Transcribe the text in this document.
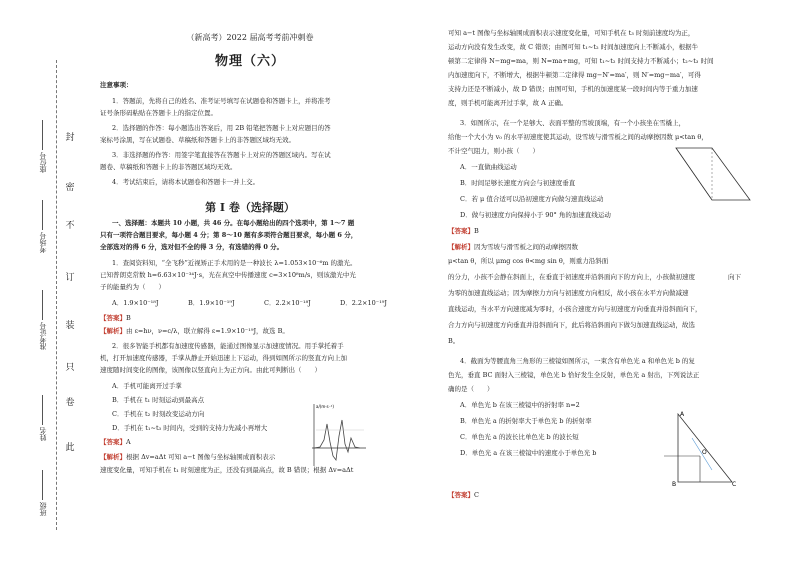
封
密
不
订
装
只
卷
此
座位号
考场号
准考证号
姓名
班级
（新高考）2022 届高考考前冲刺卷
物理（六）

注意事项：

1．答题前，先将自己的姓名、准考证号填写在试题卷和答题卡上，并将准考

证号条形码粘贴在答题卡上的指定位置。

2．选择题的作答：每小题选出答案后，用 2B 铅笔把答题卡上对应题目的答

案标号涂黑，写在试题卷、草稿纸和答题卡上的非答题区域均无效。

3．非选择题的作答：用签字笔直接答在答题卡上对应的答题区域内。写在试

题卷、草稿纸和答题卡上的非答题区域均无效。

4．考试结束后，请将本试题卷和答题卡一并上交。

一、选择题：本题共 10 小题，共 46 分。在每小题给出的四个选项中，第 1～7 题

只有一项符合题目要求，每小题 4 分；第 8～10 题有多项符合题目要求，每小题 6 分，

全部选对的得 6 分，选对但不全的得 3 分，有选错的得 0 分。

1．查阅资料知，“全飞秒”近视矫正手术用的是一种波长 λ=1.053×10⁻⁶m 的激光。

已知普朗克常数 h=6.63×10⁻³⁴J·s，光在真空中传播速度 c=3×10⁸m/s，则该激光中光

子的能量约为（　　）

A．1.9×10⁻¹⁸J	B．1.9×10⁻¹⁹J	C．2.2×10⁻¹⁸J	D．2.2×10⁻¹⁹J

【答案】B

【解析】由 ε=hν，ν=c/λ，联立解得 ε≈1.9×10⁻¹⁹J，故选 B。

2．很多智能手机都有加速度传感器，能通过图像显示加速度情况。用手掌托着手

机，打开加速度传感器，手掌从静止开始迅速上下运动，得到如图所示的竖直方向上加

速度随时间变化的图像，该图像以竖直向上为正方向。由此可判断出（　　）

A．手机可能离开过手掌

B．手机在 t₁ 时刻运动到最高点

C．手机在 t₂ 时刻改变运动方向

D．手机在 t₁~t₃ 时间内，受到的支持力先减小再增大

【答案】A

【解析】根据 Δv=aΔt 可知 a−t 图像与坐标轴围成面积表示

速度变化量，可知手机在 t₁ 时刻速度为正，还没有到最高点，故 B 错误；根据 Δv=aΔt

第 I 卷（选择题）
a/(m·s⁻²)

可知 a−t 图像与坐标轴围成面积表示速度变化量，可知手机在 t₃ 时刻前速度均为正，

运动方向没有发生改变，故 C 错误；由图可知 t₁~t₂ 时间加速度向上不断减小，根据牛

顿第二定律得 N−mg=ma，则 N=ma+mg，可知 t₁~t₂ 时间支持力不断减小；t₂~t₃ 时间

内加速度向下，不断增大，根据牛顿第二定律得 mg−N′=ma′，则 N′=mg−ma′，可得

支持力还是不断减小，故 D 错误；由图可知，手机的加速度某一段时间内等于重力加速

度，则手机可能离开过手掌，故 A 正确。

3．如图所示，在一个足够大、表面平整的雪坡顶端，有一个小孩坐在雪橇上，

给他一个大小为 v₀ 的水平初速度使其运动，设雪坡与滑雪板之间的动摩擦因数 μ<tan θ，

不计空气阻力，则小孩（　　）

A．一直做曲线运动

B．时间足够长速度方向会与初速度垂直

C．若 μ 值合适可以沿初速度方向做匀速直线运动

D．做与初速度方向保持小于 90° 角的加速直线运动

【答案】B

【解析】因为雪坡与滑雪板之间的动摩擦因数

μ<tan θ，所以 μmg cos θ<mg sin θ，则重力沿斜面

的分力，小孩不会静在斜面上，在垂直于初速度并沿斜面向下的方向上，小孩做初速度

为零的加速直线运动；因为摩擦力方向与初速度方向相反，故小孩在水平方向做减速

直线运动，当水平方向速度减为零时，小孩合速度方向与初速度方向垂直并沿斜面向下，

合力方向与初速度方向垂直并沿斜面向下，此后将沿斜面向下做匀加速直线运动，故选

B。

向下

4．截面为等腰直角三角形的三棱镜如图所示，一束含有单色光 a 和单色光 b 的复

色光，垂直 BC 面射入三棱镜，单色光 b 恰好发生全反射，单色光 a 射出，下列说法正

确的是（　　）

A．单色光 b 在该三棱镜中的折射率 n=2

B．单色光 a 的折射率大于单色光 b 的折射率

C．单色光 a 的波长比单色光 b 的波长短

D．单色光 a 在该三棱镜中的速度小于单色光 b

【答案】C

A
B	C
O
